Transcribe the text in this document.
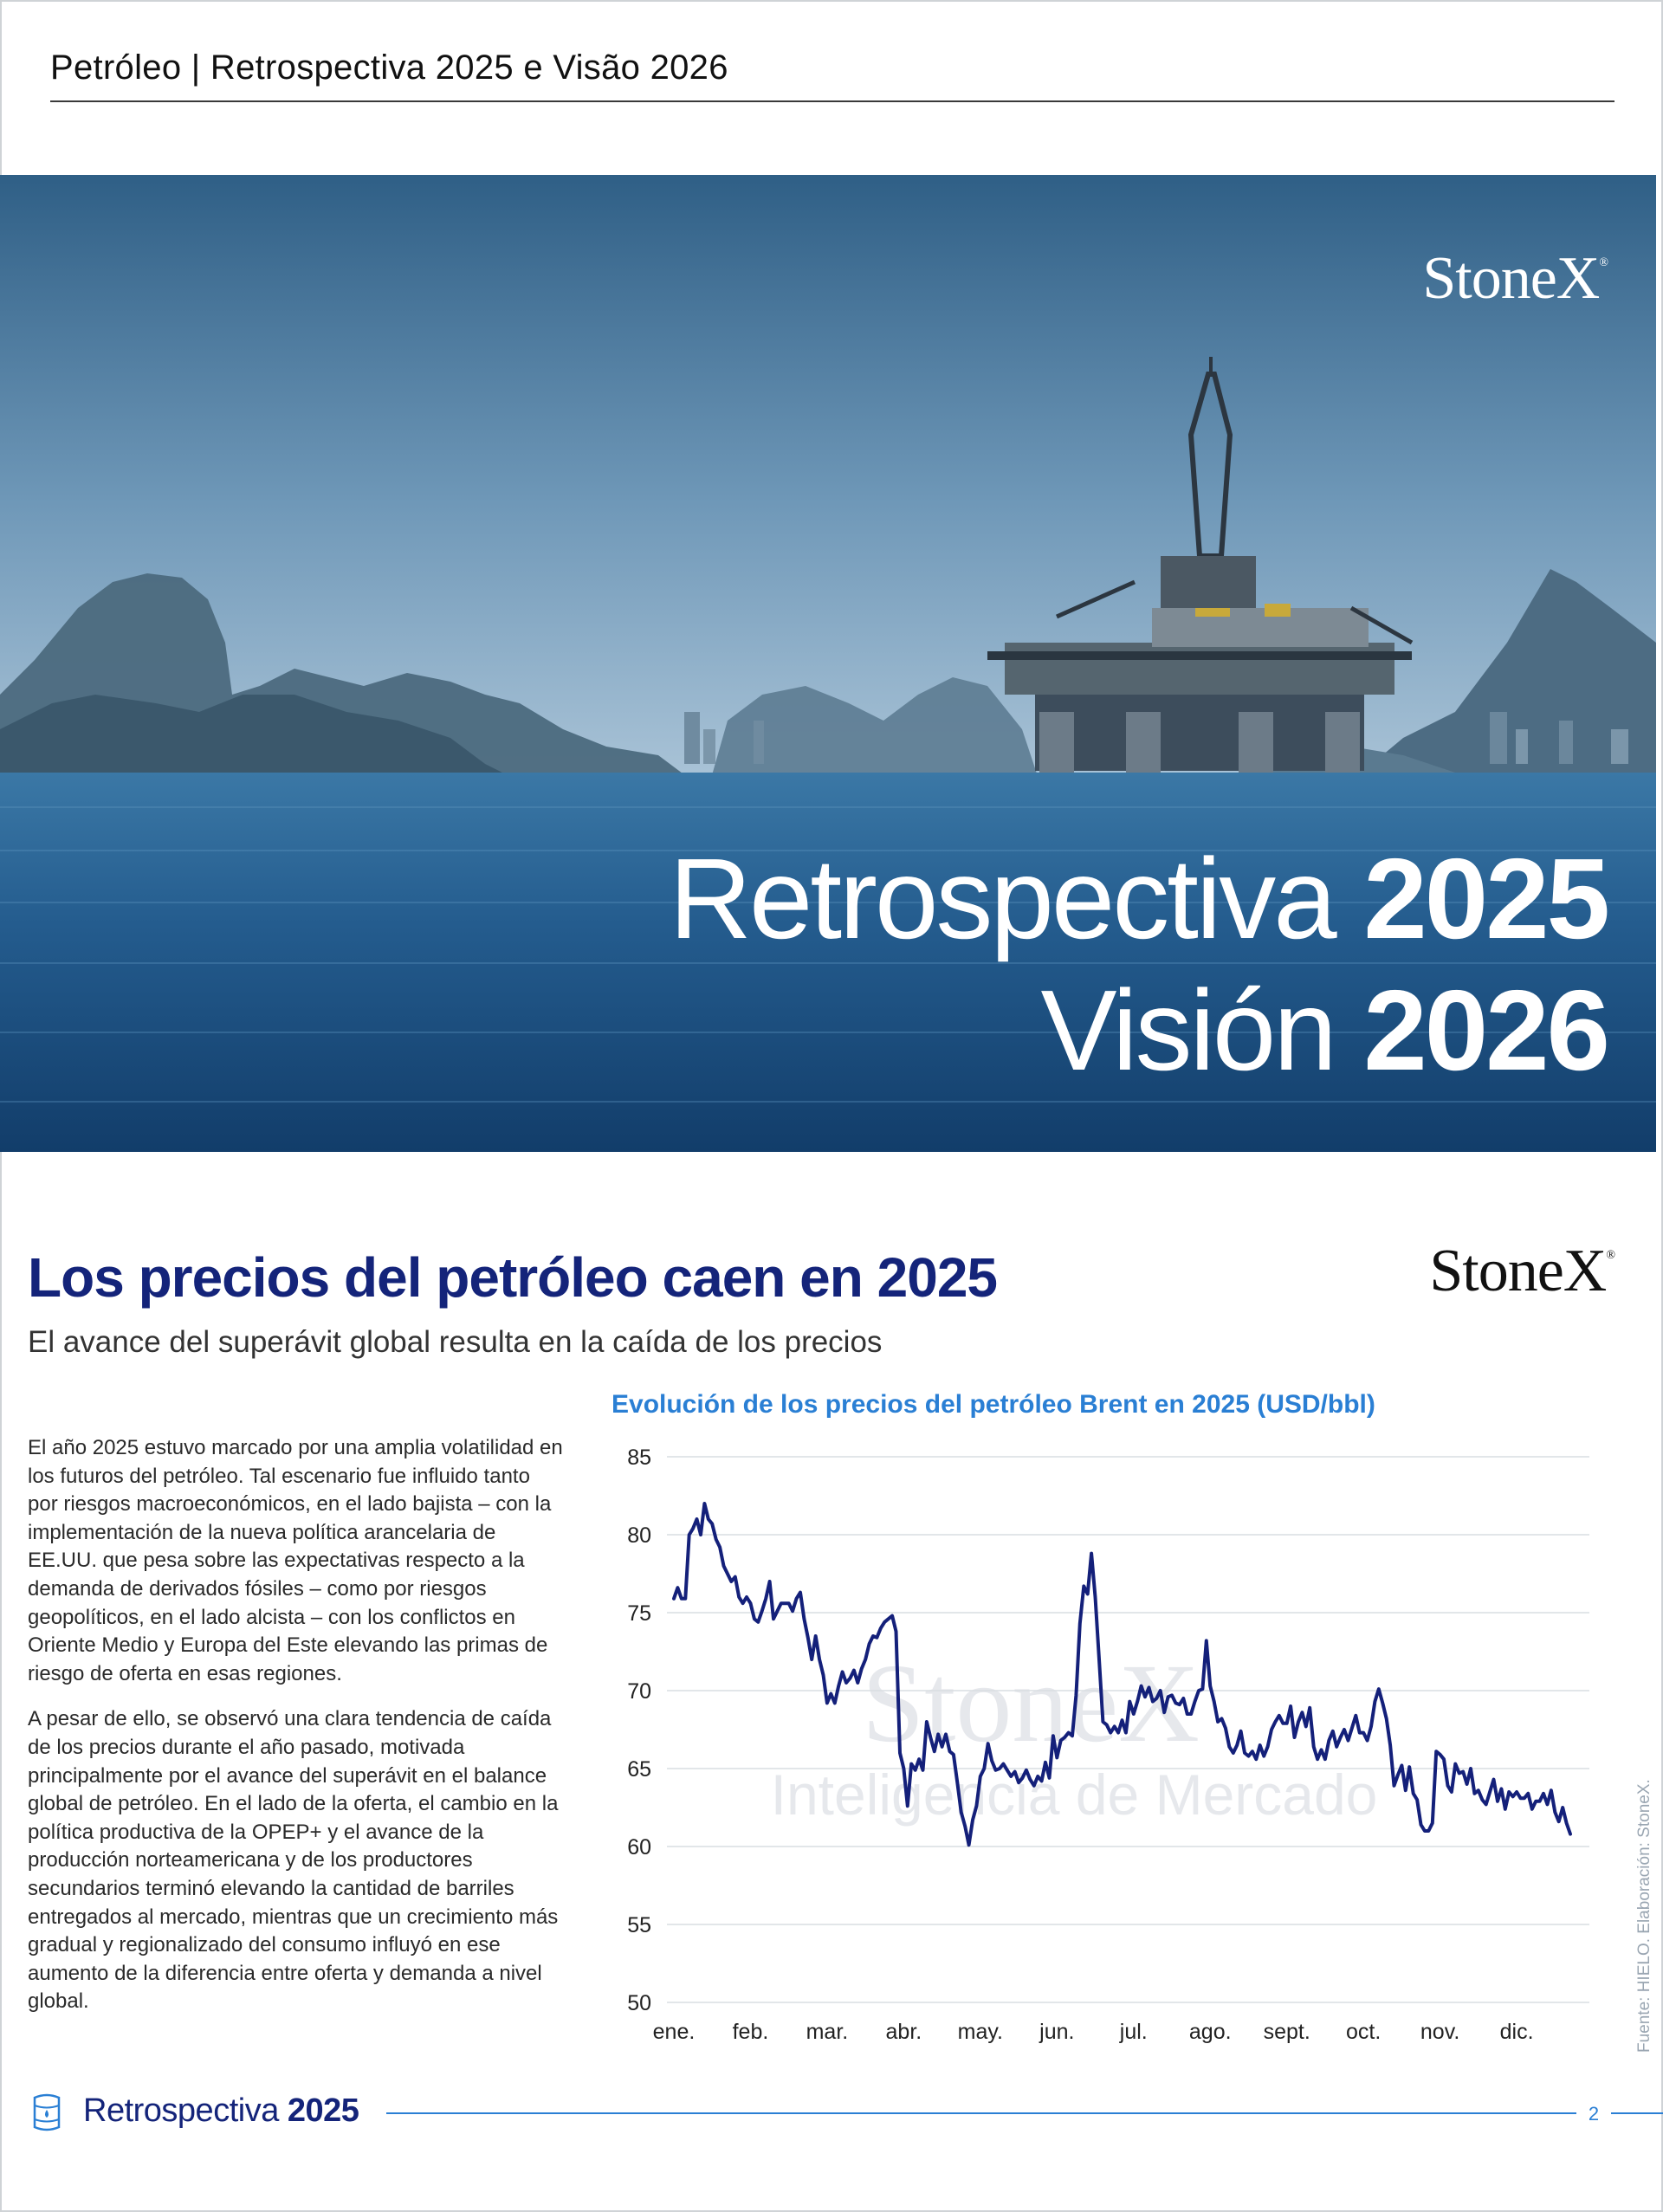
Petróleo | Retrospectiva 2025 e Visão 2026
StoneX®
Retrospectiva 2025
Visión 2026
Los precios del petróleo caen en 2025	StoneX®
El avance del superávit global resulta en la caída de los precios

El año 2025 estuvo marcado por una amplia volatilidad en los futuros del petróleo. Tal escenario fue influido tanto por riesgos macroeconómicos, en el lado bajista – con la implementación de la nueva política arancelaria de EE.UU. que pesa sobre las expectativas respecto a la demanda de derivados fósiles – como por riesgos geopolíticos, en el lado alcista – con los conflictos en Oriente Medio y Europa del Este elevando las primas de riesgo de oferta en esas regiones.

A pesar de ello, se observó una clara tendencia de caída de los precios durante el año pasado, motivada principalmente por el avance del superávit en el balance global de petróleo. En el lado de la oferta, el cambio en la política productiva de la OPEP+ y el avance de la producción norteamericana y de los productores secundarios terminó elevando la cantidad de barriles entregados al mercado, mientras que un crecimiento más gradual y regionalizado del consumo influyó en ese aumento de la diferencia entre oferta y demanda a nivel global.

Evolución de los precios del petróleo Brent en 2025 (USD/bbl)
StoneX
Inteligencia de Mercado
85
80
75
70
65
60
55
50
ene. feb. mar. abr. may. jun. jul. ago. sept. oct. nov. dic.	Fuente: HIELO. Elaboración: StoneX.
Retrospectiva 2025	2
